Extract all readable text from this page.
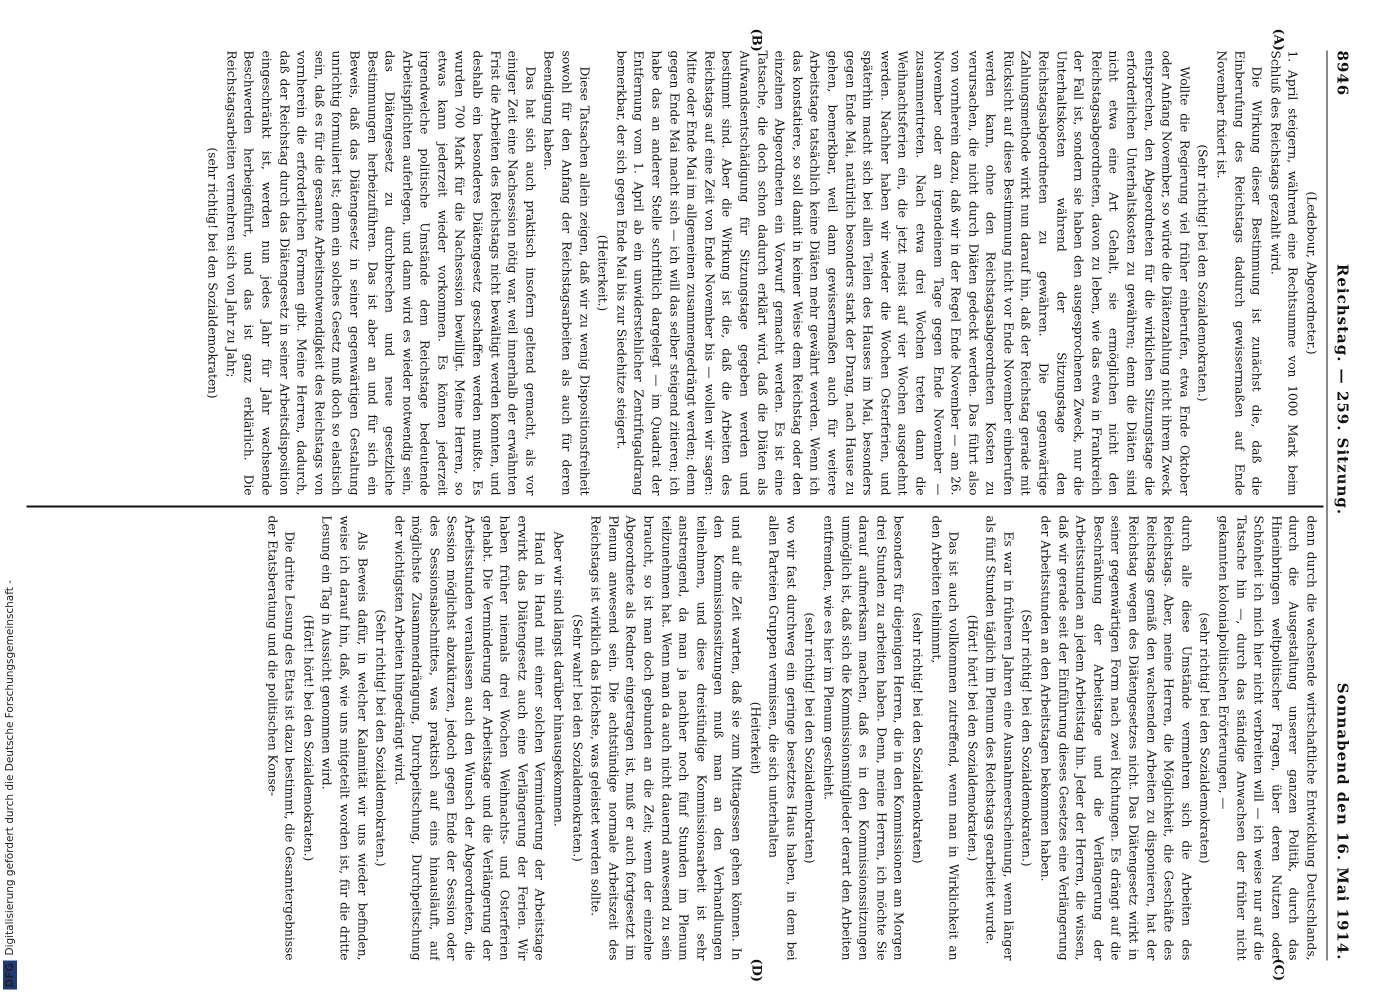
Digitalisierung gefördert durch die Deutsche Forschungsgemeinschaft -
DFG
8946
Reichstag. — 259. Sitzung.
Sonnabend den 16. Mai 1914.
(A)
(B)
(C)
(D)

(Ledebour, Abgeordneter.)

1. April steigern, während eine Rechtsumme von 1000 Mark beim Schluß des Reichstags gezahlt wird.

Die Wirkung dieser Bestimmung ist zunächst die, daß die Einberufung des Reichstags dadurch gewissermaßen auf Ende November fixiert ist.

(Sehr richtig! bei den Sozialdemokraten.)

Wollte die Regierung viel früher einberufen, etwa Ende Oktober oder Anfang November, so würde die Diätenzahlung nicht ihrem Zweck entsprechen, den Abgeordneten für die wirklichen Sitzungstage die erforderlichen Unterhaltskosten zu gewähren; denn die Diäten sind nicht etwa eine Art Gehalt, sie ermöglichen nicht den Reichstagsabgeordneten, davon zu leben, wie das etwa in Frankreich der Fall ist, sondern sie haben den ausgesprochenen Zweck, nur die Unterhaltskosten während der Sitzungstage den Reichstagsabgeordneten zu gewähren. Die gegenwärtige Zahlungsmethode wirkt nun darauf hin, daß der Reichstag gerade mit Rücksicht auf diese Bestimmung nicht vor Ende November einberufen werden kann, ohne den Reichstagsabgeordneten Kosten zu verursachen, die nicht durch Diäten gedeckt werden. Das führt also von vornherein dazu, daß wir in der Regel Ende November — am 26. November oder an irgendeinem Tage gegen Ende November — zusammentreten. Nach etwa drei Wochen treten dann die Weihnachtsferien ein, die jetzt meist auf vier Wochen ausgedehnt werden. Nachher haben wir wieder die Wochen Osterferien, und späterhin macht sich bei allen Teilen des Hauses im Mai, besonders gegen Ende Mai, natürlich besonders stark der Drang, nach Hause zu gehen, bemerkbar, weil dann gewissermaßen auch für weitere Arbeitstage tatsächlich keine Diäten mehr gewährt werden. Wenn ich das konstatiere, so soll damit in keiner Weise dem Reichstag oder den einzelnen Abgeordneten ein Vorwurf gemacht werden. Es ist eine Tatsache, die doch schon dadurch erklärt wird, daß die Diäten als Aufwandsentschädigung für Sitzungstage gegeben werden und bestimmt sind. Aber die Wirkung ist die, daß die Arbeiten des Reichstags auf eine Zeit von Ende November bis — wollen wir sagen: Mitte oder Ende Mai im allgemeinen zusammengedrängt werden; denn gegen Ende Mai macht sich — ich will das selber steigend zitieren; ich habe das an anderer Stelle schriftlich dargelegt — im Quadrat der Entfernung vom 1. April ab ein unwiderstehlicher Zentrifugaldrang bemerkbar, der sich gegen Ende Mai bis zur Siedehitze steigert.

(Heiterkeit.)

Diese Tatsachen allein zeigen, daß wir zu wenig Dispositionsfreiheit sowohl für den Anfang der Reichstagsarbeiten als auch für deren Beendigung haben.

Das hat sich auch praktisch insofern geltend gemacht, als vor einiger Zeit eine Nachsession nötig war, weil innerhalb der erwähnten Frist die Arbeiten des Reichstags nicht bewältigt werden konnten, und deshalb ein besonderes Diätengesetz geschaffen werden mußte. Es wurden 700 Mark für die Nachsession bewilligt. Meine Herren, so etwas kann jederzeit wieder vorkommen. Es können jederzeit irgendwelche politische Umstände dem Reichstage bedeutende Arbeitspflichten auferlegen, und dann wird es wieder notwendig sein, das Diätengesetz zu durchbrechen und neue gesetzliche Bestimmungen herbeizuführen. Das ist aber an und für sich ein Beweis, daß das Diätengesetz in seiner gegenwärtigen Gestaltung unrichtig formuliert ist; denn ein solches Gesetz muß doch so elastisch sein, daß es für die gesamte Arbeitsnotwendigkeit des Reichstags von vornherein die erforderlichen Formen gibt. Meine Herren, dadurch, daß der Reichstag durch das Diätengesetz in seiner Arbeitsdisposition eingeschränkt ist, werden nun jedes Jahr für Jahr wachsende Beschwerden herbeigeführt, und das ist ganz erklärlich. Die Reichstagsarbeiten vermehren sich von Jahr zu Jahr;

(sehr richtig! bei den Sozialdemokraten)

denn durch die wachsende wirtschaftliche Entwicklung Deutschlands, durch die Ausgestaltung unserer ganzen Politik, durch das Hineinbringen weltpolitischer Fragen, über deren Nutzen oder Schönheit ich mich hier nicht verbreiten will — ich weise nur auf die Tatsache hin —, durch das ständige Anwachsen der früher nicht gekannten kolonialpolitischen Erörterungen, —

(sehr richtig! bei den Sozialdemokraten)

durch alle diese Umstände vermehren sich die Arbeiten des Reichstags. Aber, meine Herren, die Möglichkeit, die Geschäfte des Reichstags gemäß den wachsenden Arbeiten zu disponieren, hat der Reichstag wegen des Diätengesetzes nicht. Das Diätengesetz wirkt in seiner gegenwärtigen Form nach zwei Richtungen. Es drängt auf die Beschränkung der Arbeitstage und die Verlängerung der Arbeitsstunden an jedem Arbeitstag hin. Jeder der Herren, die wissen, daß wir gerade seit der Einführung dieses Gesetzes eine Verlängerung der Arbeitsstunden an den Arbeitstagen bekommen haben.

(Sehr richtig! bei den Sozialdemokraten.)

Es war in früheren Jahren eine Ausnahmeerscheinung, wenn länger als fünf Stunden täglich im Plenum des Reichstags gearbeitet wurde.

(Hört! hört! bei den Sozialdemokraten.)

Das ist auch vollkommen zutreffend, wenn man in Wirklichkeit an den Arbeiten teilnimmt,

(sehr richtig! bei den Sozialdemokraten)

besonders für diejenigen Herren, die in den Kommissionen am Morgen drei Stunden zu arbeiten haben. Denn, meine Herren, ich möchte Sie darauf aufmerksam machen, daß es in den Kommissionssitzungen unmöglich ist, daß sich die Kommissionsmitglieder derart den Arbeiten entfremden, wie es hier im Plenum geschieht.

(sehr richtig! bei den Sozialdemokraten)

wo wir fast durchweg ein geringe besetztes Haus haben, in dem bei allen Parteien Gruppen vermissen, die sich unterhalten

(Heiterkeit)

und auf die Zeit warten, daß sie zum Mittagessen gehen können. In den Kommissionssitzungen muß man an den Verhandlungen teilnehmen, und diese dreistündige Kommissionsarbeit ist sehr anstrengend, da man ja nachher noch fünf Stunden im Plenum teilzunehmen hat. Wenn man da auch nicht dauernd anwesend zu sein braucht, so ist man doch gebunden an die Zeit; wenn der einzelne Abgeordnete als Redner eingetragen ist, muß er auch fortgesetzt im Plenum anwesend sein. Die achtstündige normale Arbeitszeit des Reichstags ist wirklich das Höchste, was geleistet werden sollte.

(Sehr wahr! bei den Sozialdemokraten.)

Aber wir sind längst darüber hinausgekommen.

Hand in Hand mit einer solchen Verminderung der Arbeitstage erwirkt das Diätengesetz auch eine Verlängerung der Ferien. Wir haben früher niemals drei Wochen Weihnachts- und Osterferien gehabt. Die Verminderung der Arbeitstage und die Verlängerung der Arbeitsstunden veranlassen auch den Wunsch der Abgeordneten, die Session möglichst abzukürzen, jedoch gegen Ende der Session oder des Sessionsabschnittes, was praktisch auf eins hinausläuft, auf möglichste Zusammendrängung, Durchpeitschung, Durchpeitschung der wichtigsten Arbeiten hingedrängt wird.

(Sehr richtig! bei den Sozialdemokraten.)

Als Beweis dafür, in welcher Kalamität wir uns wieder befinden, weise ich darauf hin, daß, wie uns mitgeteilt worden ist, für die dritte Lesung ein Tag in Aussicht genommen wird.

(Hört! hört! bei den Sozialdemokraten.)

Die dritte Lesung des Etats ist dazu bestimmt, die Gesamtergebnisse der Etatsberatung und die politischen Konse-
